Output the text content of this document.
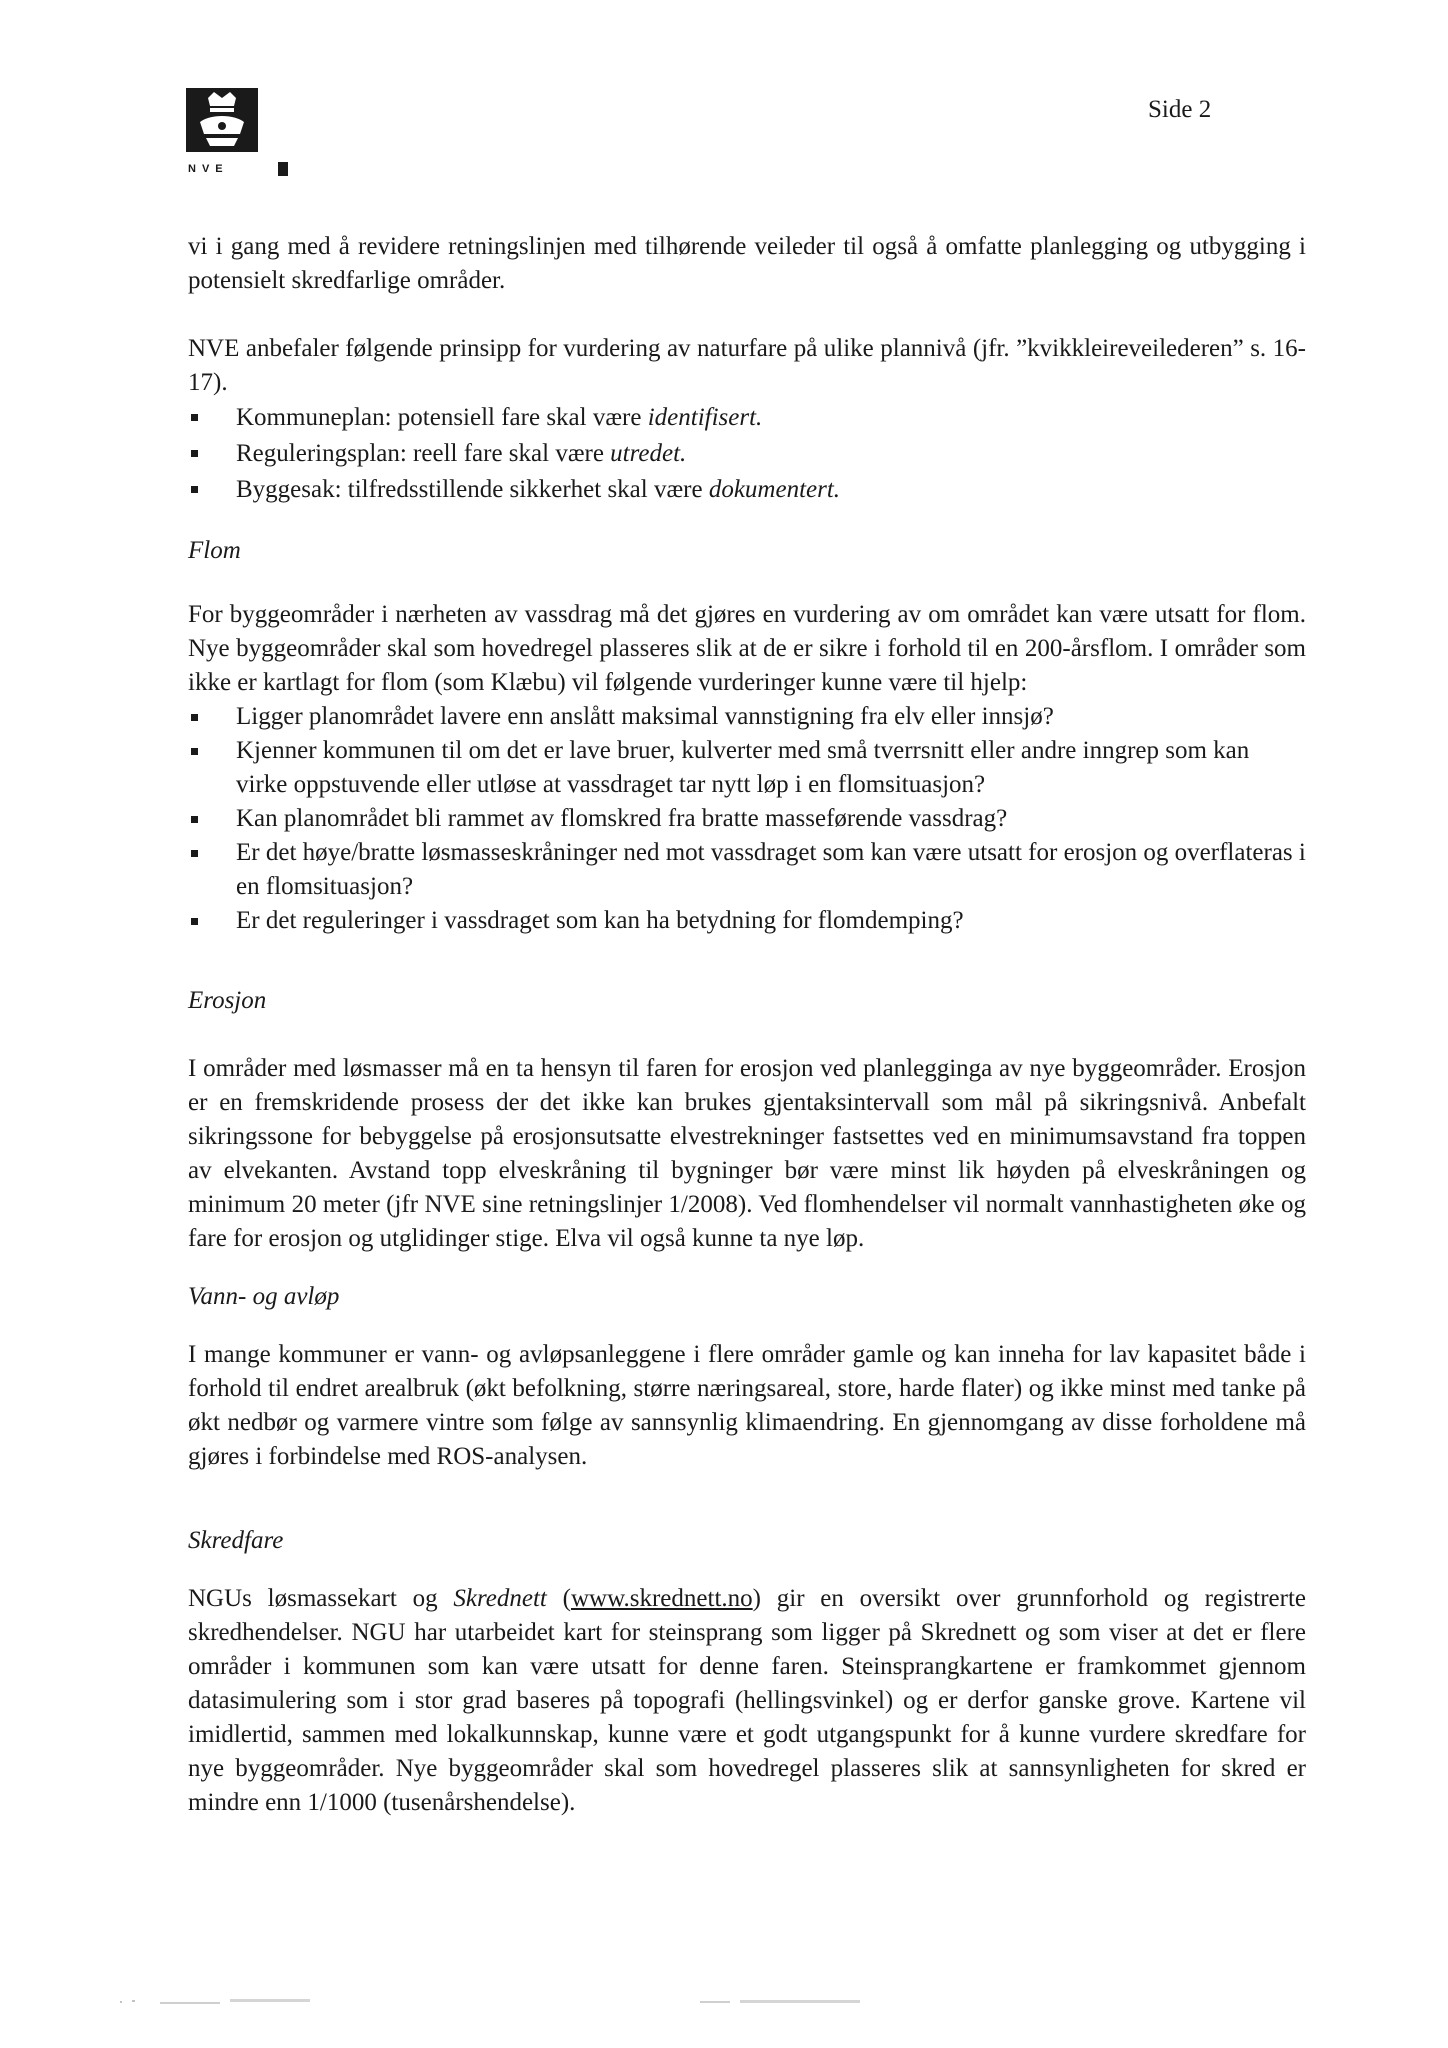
NVE
Side 2

vi i gang med å revidere retningslinjen med tilhørende veileder til også å omfatte planlegging og utbygging i potensielt skredfarlige områder.

NVE anbefaler følgende prinsipp for vurdering av naturfare på ulike plannivå (jfr. ”kvikkleireveilederen” s. 16-17).

Kommuneplan: potensiell fare skal være identifisert.
Reguleringsplan: reell fare skal være utredet.
Byggesak: tilfredsstillende sikkerhet skal være dokumentert.

Flom

For byggeområder i nærheten av vassdrag må det gjøres en vurdering av om området kan være utsatt for flom. Nye byggeområder skal som hovedregel plasseres slik at de er sikre i forhold til en 200-årsflom. I områder som ikke er kartlagt for flom (som Klæbu) vil følgende vurderinger kunne være til hjelp:

Ligger planområdet lavere enn anslått maksimal vannstigning fra elv eller innsjø?
Kjenner kommunen til om det er lave bruer, kulverter med små tverrsnitt eller andre inngrep som kan virke oppstuvende eller utløse at vassdraget tar nytt løp i en flomsituasjon?
Kan planområdet bli rammet av flomskred fra bratte masseførende vassdrag?
Er det høye/bratte løsmasseskråninger ned mot vassdraget som kan være utsatt for erosjon og overflateras i en flomsituasjon?
Er det reguleringer i vassdraget som kan ha betydning for flomdemping?

Erosjon

I områder med løsmasser må en ta hensyn til faren for erosjon ved planlegginga av nye byggeområder. Erosjon er en fremskridende prosess der det ikke kan brukes gjentaksintervall som mål på sikringsnivå. Anbefalt sikringssone for bebyggelse på erosjonsutsatte elvestrekninger fastsettes ved en minimumsavstand fra toppen av elvekanten. Avstand topp elveskråning til bygninger bør være minst lik høyden på elveskråningen og minimum 20 meter (jfr NVE sine retningslinjer 1/2008). Ved flomhendelser vil normalt vannhastigheten øke og fare for erosjon og utglidinger stige. Elva vil også kunne ta nye løp.

Vann- og avløp

I mange kommuner er vann- og avløpsanleggene i flere områder gamle og kan inneha for lav kapasitet både i forhold til endret arealbruk (økt befolkning, større næringsareal, store, harde flater) og ikke minst med tanke på økt nedbør og varmere vintre som følge av sannsynlig klimaendring. En gjennomgang av disse forholdene må gjøres i forbindelse med ROS-analysen.

Skredfare

NGUs løsmassekart og Skrednett (www.skrednett.no) gir en oversikt over grunnforhold og registrerte skredhendelser. NGU har utarbeidet kart for steinsprang som ligger på Skrednett og som viser at det er flere områder i kommunen som kan være utsatt for denne faren. Steinsprangkartene er framkommet gjennom datasimulering som i stor grad baseres på topografi (hellingsvinkel) og er derfor ganske grove. Kartene vil imidlertid, sammen med lokalkunnskap, kunne være et godt utgangspunkt for å kunne vurdere skredfare for nye byggeområder. Nye byggeområder skal som hovedregel plasseres slik at sannsynligheten for skred er mindre enn 1/1000 (tusenårshendelse).
